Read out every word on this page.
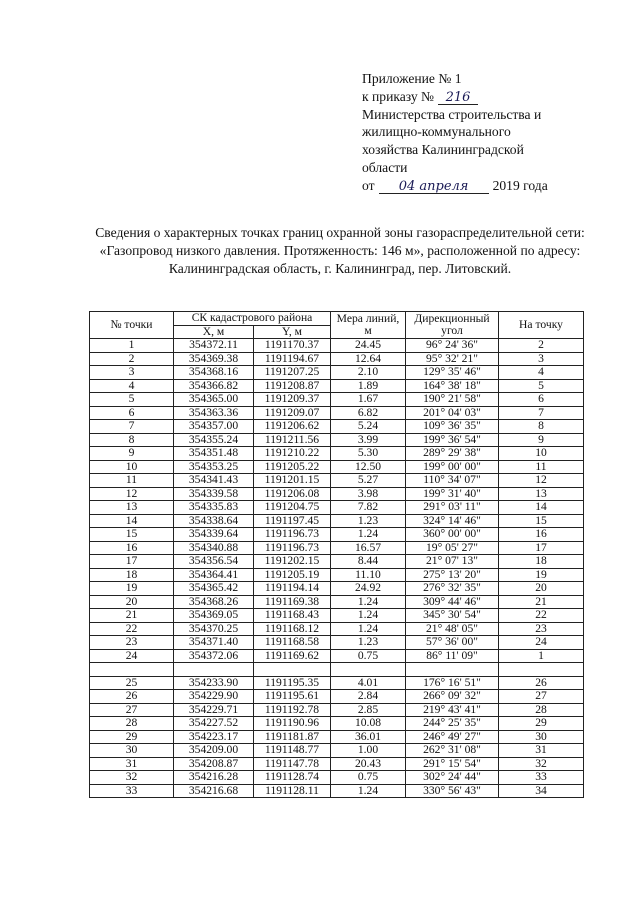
Приложение № 1
к приказу № 216
Министерства строительства и
жилищно-коммунального
хозяйства Калининградской
области
от 04 апреля 2019 года
Сведения о характерных точках границ охранной зоны газораспределительной сети: «Газопровод низкого давления. Протяженность: 146 м», расположенной по адресу: Калининградская область, г. Калининград, пер. Литовский.
№ точки	СК кадастрового района		Мера линий, м	Дирекционный угол	На точку
	X, м	Y, м			
1	354372.11	1191170.37	24.45	96° 24' 36"	2
2	354369.38	1191194.67	12.64	95° 32' 21"	3
3	354368.16	1191207.25	2.10	129° 35' 46"	4
4	354366.82	1191208.87	1.89	164° 38' 18"	5
5	354365.00	1191209.37	1.67	190° 21' 58"	6
6	354363.36	1191209.07	6.82	201° 04' 03"	7
7	354357.00	1191206.62	5.24	109° 36' 35"	8
8	354355.24	1191211.56	3.99	199° 36' 54"	9
9	354351.48	1191210.22	5.30	289° 29' 38"	10
10	354353.25	1191205.22	12.50	199° 00' 00"	11
11	354341.43	1191201.15	5.27	110° 34' 07"	12
12	354339.58	1191206.08	3.98	199° 31' 40"	13
13	354335.83	1191204.75	7.82	291° 03' 11"	14
14	354338.64	1191197.45	1.23	324° 14' 46"	15
15	354339.64	1191196.73	1.24	360° 00' 00"	16
16	354340.88	1191196.73	16.57	19° 05' 27"	17
17	354356.54	1191202.15	8.44	21° 07' 13"	18
18	354364.41	1191205.19	11.10	275° 13' 20"	19
19	354365.42	1191194.14	24.92	276° 32' 35"	20
20	354368.26	1191169.38	1.24	309° 44' 46"	21
21	354369.05	1191168.43	1.24	345° 30' 54"	22
22	354370.25	1191168.12	1.24	21° 48' 05"	23
23	354371.40	1191168.58	1.23	57° 36' 00"	24
24	354372.06	1191169.62	0.75	86° 11' 09"	1

25	354233.90	1191195.35	4.01	176° 16' 51"	26
26	354229.90	1191195.61	2.84	266° 09' 32"	27
27	354229.71	1191192.78	2.85	219° 43' 41"	28
28	354227.52	1191190.96	10.08	244° 25' 35"	29
29	354223.17	1191181.87	36.01	246° 49' 27"	30
30	354209.00	1191148.77	1.00	262° 31' 08"	31
31	354208.87	1191147.78	20.43	291° 15' 54"	32
32	354216.28	1191128.74	0.75	302° 24' 44"	33
33	354216.68	1191128.11	1.24	330° 56' 43"	34
